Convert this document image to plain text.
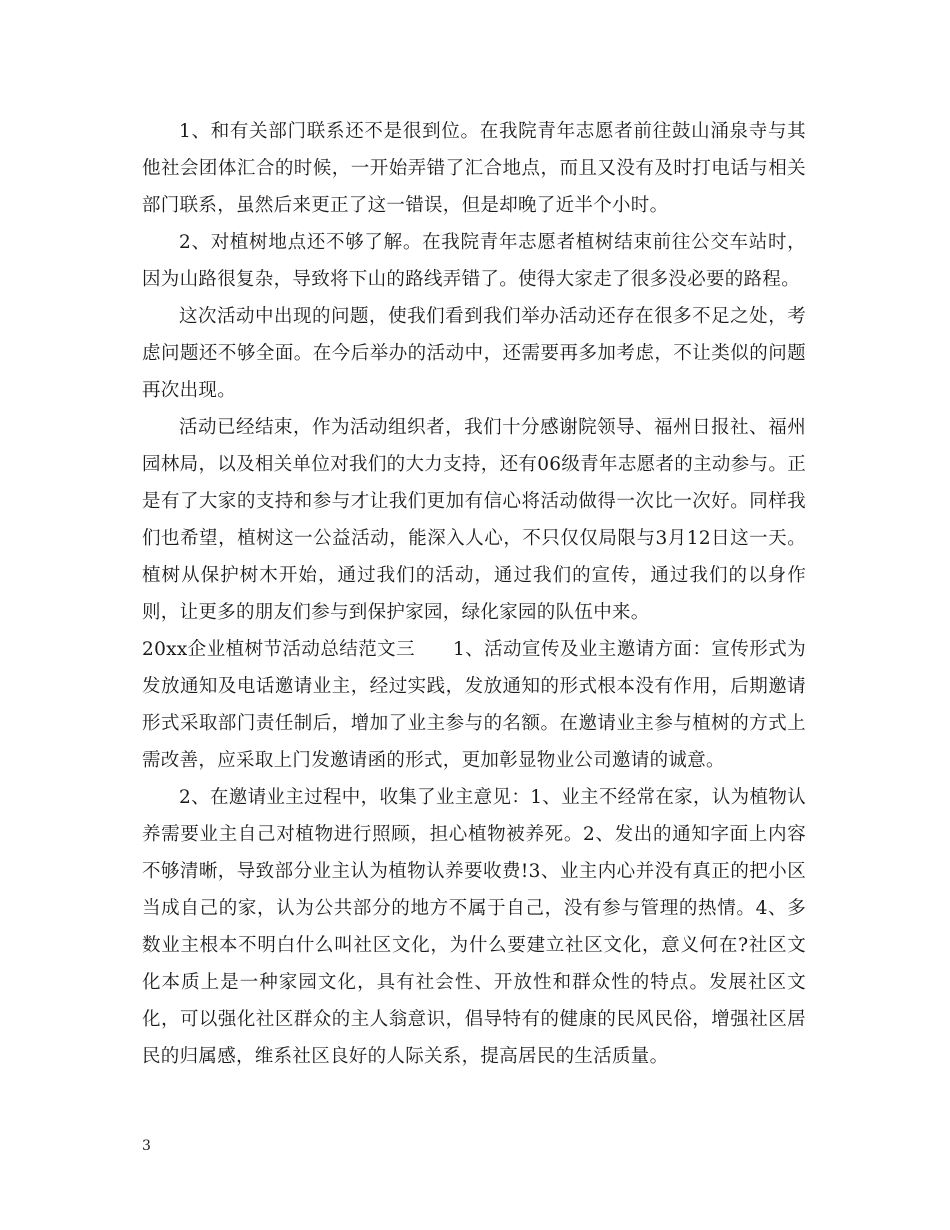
1、和有关部门联系还不是很到位。在我院青年志愿者前往鼓山涌泉寺与其他社会团体汇合的时候，一开始弄错了汇合地点，而且又没有及时打电话与相关部门联系，虽然后来更正了这一错误，但是却晚了近半个小时。

2、对植树地点还不够了解。在我院青年志愿者植树结束前往公交车站时，因为山路很复杂，导致将下山的路线弄错了。使得大家走了很多没必要的路程。

这次活动中出现的问题，使我们看到我们举办活动还存在很多不足之处，考虑问题还不够全面。在今后举办的活动中，还需要再多加考虑，不让类似的问题再次出现。

活动已经结束，作为活动组织者，我们十分感谢院领导、福州日报社、福州园林局，以及相关单位对我们的大力支持，还有06级青年志愿者的主动参与。正是有了大家的支持和参与才让我们更加有信心将活动做得一次比一次好。同样我们也希望，植树这一公益活动，能深入人心，不只仅仅局限与3月12日这一天。植树从保护树木开始，通过我们的活动，通过我们的宣传，通过我们的以身作则，让更多的朋友们参与到保护家园，绿化家园的队伍中来。

20xx企业植树节活动总结范文三　　1、活动宣传及业主邀请方面：宣传形式为发放通知及电话邀请业主，经过实践，发放通知的形式根本没有作用，后期邀请形式采取部门责任制后，增加了业主参与的名额。在邀请业主参与植树的方式上需改善，应采取上门发邀请函的形式，更加彰显物业公司邀请的诚意。

2、在邀请业主过程中，收集了业主意见：1、业主不经常在家，认为植物认养需要业主自己对植物进行照顾，担心植物被养死。2、发出的通知字面上内容不够清晰，导致部分业主认为植物认养要收费!3、业主内心并没有真正的把小区当成自己的家，认为公共部分的地方不属于自己，没有参与管理的热情。4、多数业主根本不明白什么叫社区文化，为什么要建立社区文化，意义何在?社区文化本质上是一种家园文化，具有社会性、开放性和群众性的特点。发展社区文化，可以强化社区群众的主人翁意识，倡导特有的健康的民风民俗，增强社区居民的归属感，维系社区良好的人际关系，提高居民的生活质量。

3
